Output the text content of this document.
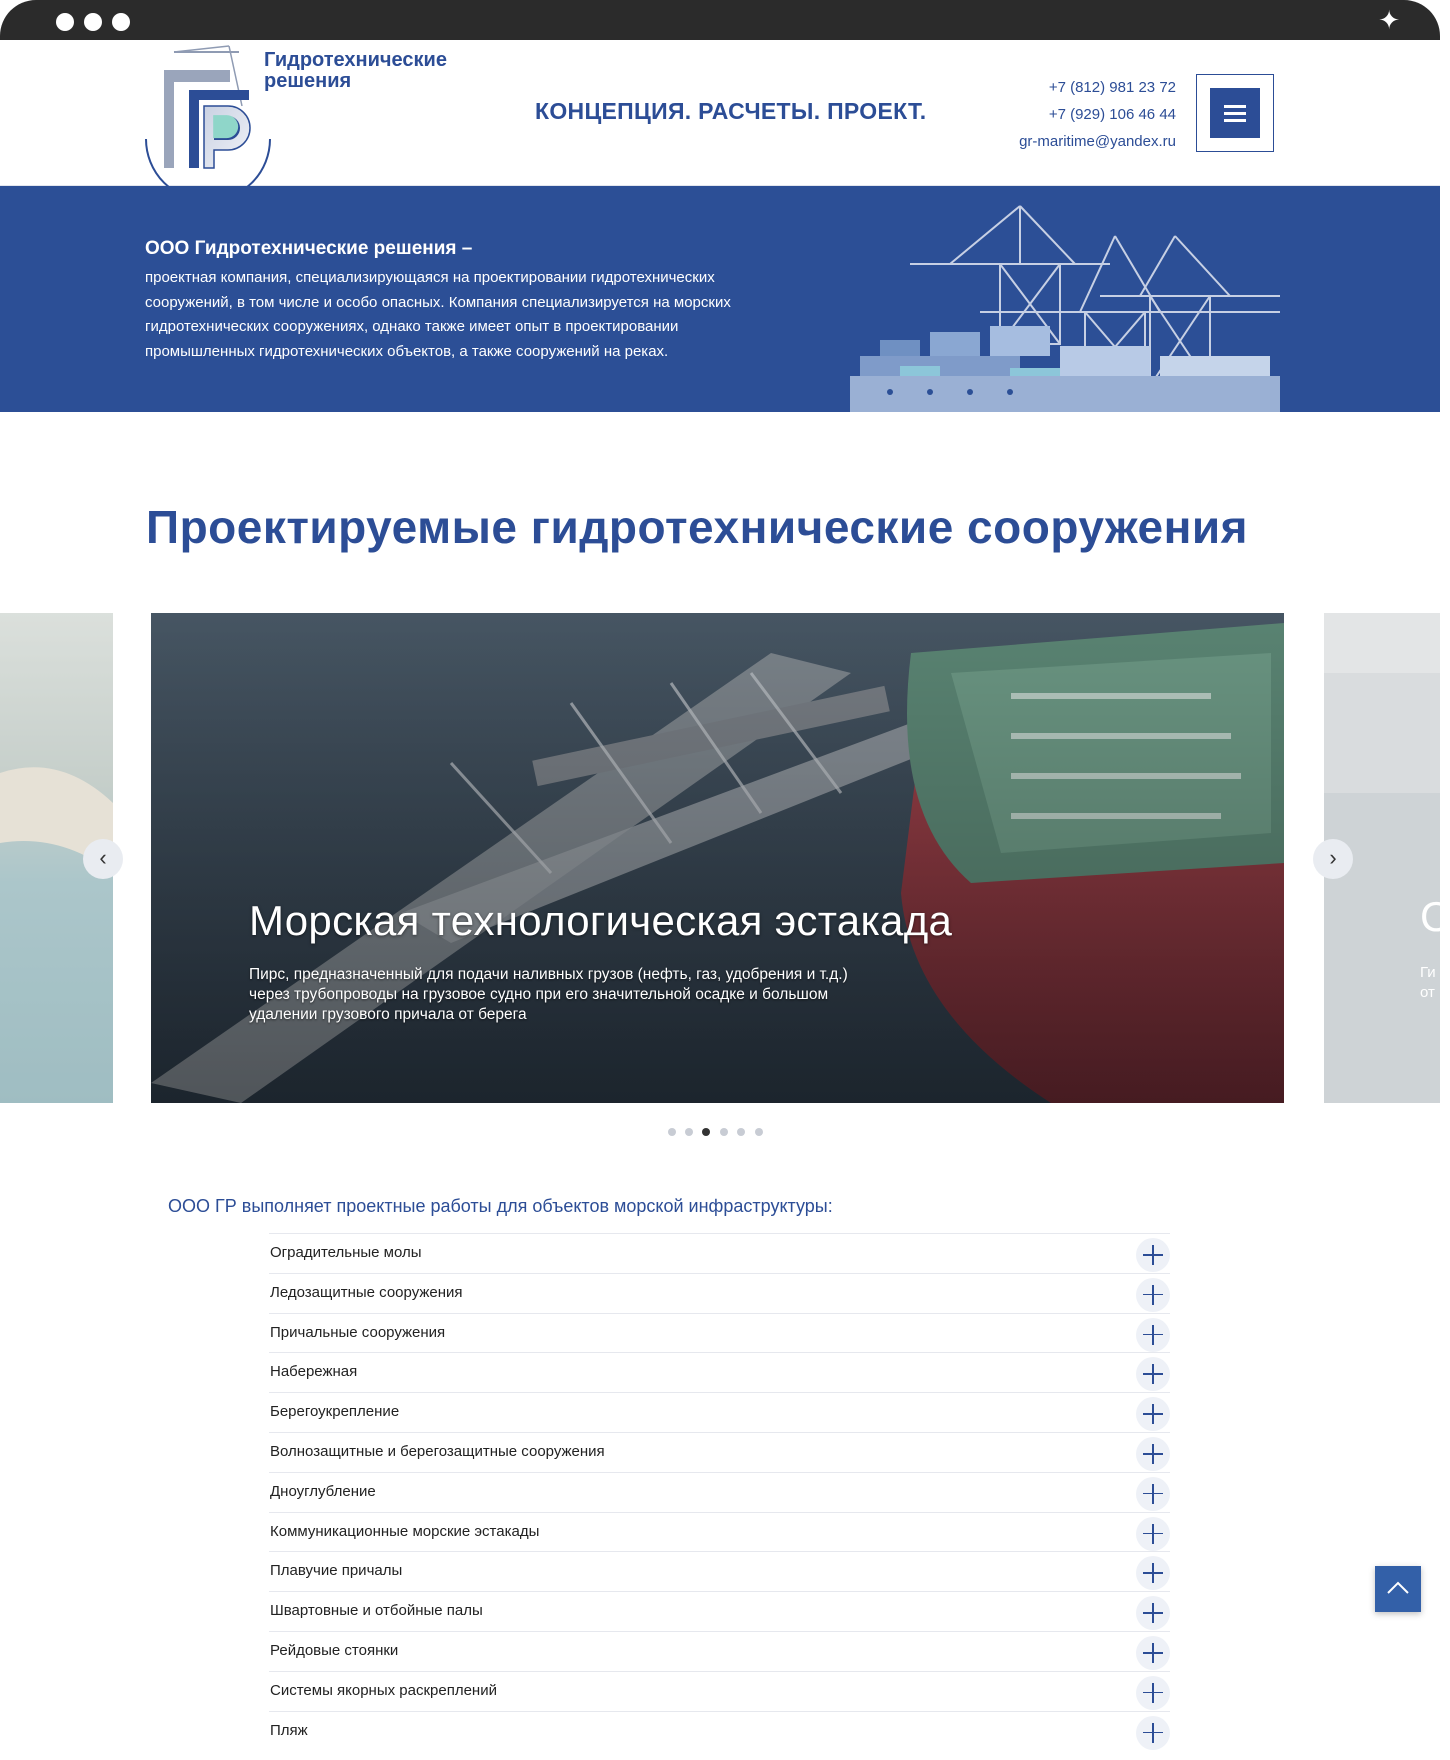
✦
Гидротехнические
решения
КОНЦЕПЦИЯ. РАСЧЕТЫ. ПРОЕКТ.
+7 (812) 981 23 72
+7 (929) 106 46 44
gr-maritime@yandex.ru
ООО Гидротехнические решения –
проектная компания, специализирующаяся на проектировании гидротехнических сооружений, в том числе и особо опасных. Компания специализируется на морских гидротехнических сооружениях, однако также имеет опыт в проектировании промышленных гидротехнических объектов, а также сооружений на реках.
Проектируемые гидротехнические сооружения
Морская технологическая эстакада

Пирс, предназначенный для подачи наливных грузов (нефть, газ, удобрения и т.д.) через трубопроводы на грузовое судно при его значительной осадке и большом удалении грузового причала от берега

С
Ги
от
‹	›
ООО ГР выполняет проектные работы для объектов морской инфраструктуры:
Оградительные молы
Ледозащитные сооружения
Причальные сооружения
Набережная
Берегоукрепление
Волнозащитные и берегозащитные сооружения
Дноуглубление
Коммуникационные морские эстакады
Плавучие причалы
Швартовные и отбойные палы
Рейдовые стоянки
Системы якорных раскреплений
Пляж
